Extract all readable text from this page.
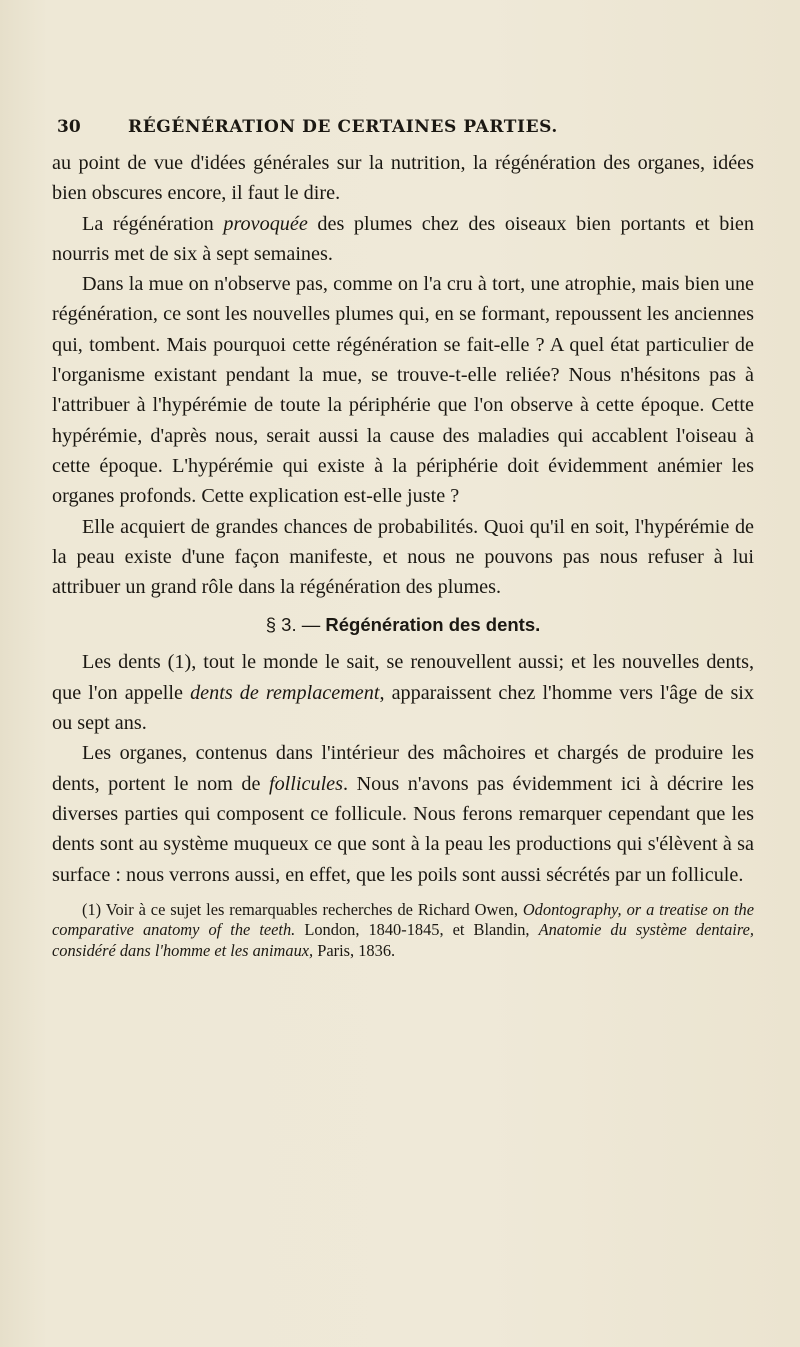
30	RÉGÉNÉRATION DE CERTAINES PARTIES.

au point de vue d'idées générales sur la nutrition, la régénération des organes, idées bien obscures encore, il faut le dire.

La régénération provoquée des plumes chez des oiseaux bien portants et bien nourris met de six à sept semaines.

Dans la mue on n'observe pas, comme on l'a cru à tort, une atrophie, mais bien une régénération, ce sont les nouvelles plumes qui, en se formant, repoussent les anciennes qui, tombent. Mais pourquoi cette régénération se fait-elle ? A quel état particulier de l'organisme existant pendant la mue, se trouve-t-elle reliée? Nous n'hésitons pas à l'attribuer à l'hypérémie de toute la périphérie que l'on observe à cette époque. Cette hypérémie, d'après nous, serait aussi la cause des maladies qui accablent l'oiseau à cette époque. L'hypérémie qui existe à la périphérie doit évidemment anémier les organes profonds. Cette explication est-elle juste ?

Elle acquiert de grandes chances de probabilités. Quoi qu'il en soit, l'hypérémie de la peau existe d'une façon manifeste, et nous ne pouvons pas nous refuser à lui attribuer un grand rôle dans la régénération des plumes.

§ 3. — Régénération des dents.

Les dents (1), tout le monde le sait, se renouvellent aussi; et les nouvelles dents, que l'on appelle dents de remplacement, apparaissent chez l'homme vers l'âge de six ou sept ans.

Les organes, contenus dans l'intérieur des mâchoires et chargés de produire les dents, portent le nom de follicules. Nous n'avons pas évidemment ici à décrire les diverses parties qui composent ce follicule. Nous ferons remarquer cependant que les dents sont au système muqueux ce que sont à la peau les productions qui s'élèvent à sa surface : nous verrons aussi, en effet, que les poils sont aussi sécrétés par un follicule.

(1) Voir à ce sujet les remarquables recherches de Richard Owen, Odontography, or a treatise on the comparative anatomy of the teeth. London, 1840-1845, et Blandin, Anatomie du système dentaire, considéré dans l'homme et les animaux, Paris, 1836.
